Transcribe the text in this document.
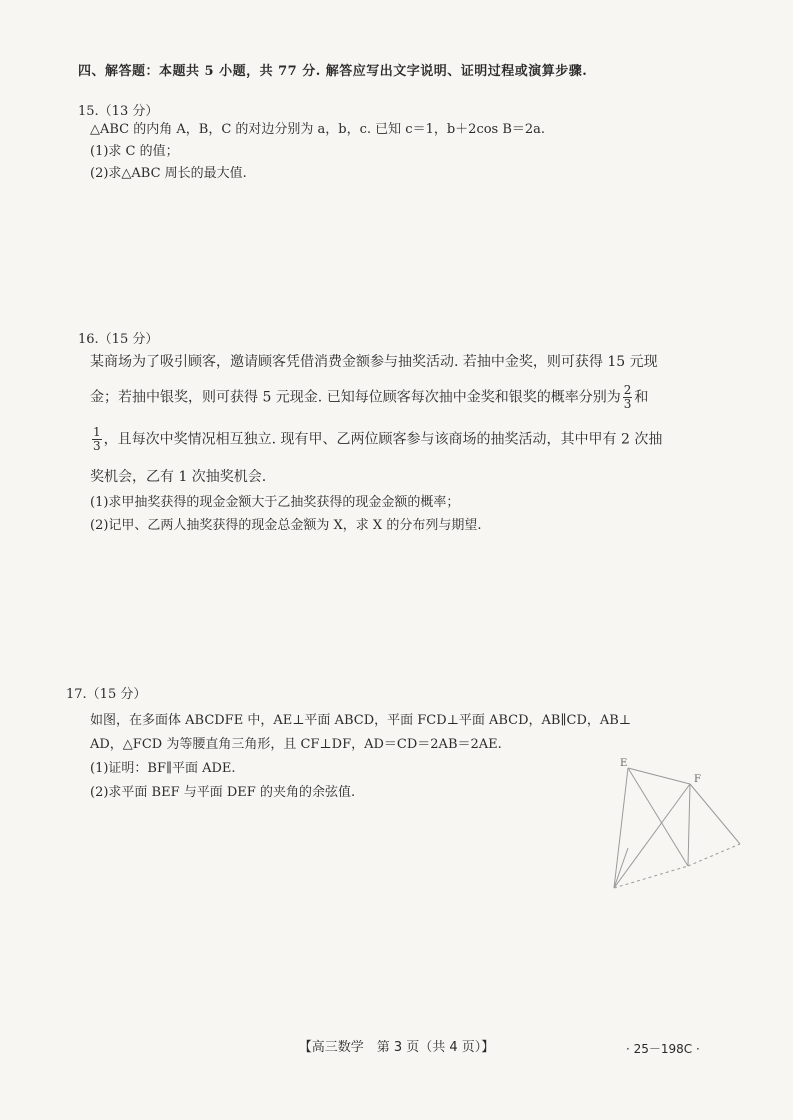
四、解答题：本题共 5 小题，共 77 分. 解答应写出文字说明、证明过程或演算步骤.
15.（13 分）
△ABC 的内角 A，B，C 的对边分别为 a，b，c. 已知 c＝1，b＋2cos B＝2a.
(1)求 C 的值；
(2)求△ABC 周长的最大值.
16.（15 分）
某商场为了吸引顾客，邀请顾客凭借消费金额参与抽奖活动. 若抽中金奖，则可获得 15 元现
金；若抽中银奖，则可获得 5 元现金. 已知每位顾客每次抽中金奖和银奖的概率分别为 $\frac{2}{3}$ 和
$\frac{1}{3}$ ，且每次中奖情况相互独立. 现有甲、乙两位顾客参与该商场的抽奖活动，其中甲有 2 次抽
奖机会，乙有 1 次抽奖机会.
(1)求甲抽奖获得的现金金额大于乙抽奖获得的现金金额的概率；
(2)记甲、乙两人抽奖获得的现金总金额为 X，求 X 的分布列与期望.
17.（15 分）
如图，在多面体 ABCDFE 中，AE⊥平面 ABCD，平面 FCD⊥平面 ABCD，AB∥CD，AB⊥
AD，△FCD 为等腰直角三角形，且 CF⊥DF，AD＝CD＝2AB＝2AE.
(1)证明：BF∥平面 ADE.
(2)求平面 BEF 与平面 DEF 的夹角的余弦值.
E
F
【高三数学　第 3 页（共 4 页）】	· 25－198C ·
